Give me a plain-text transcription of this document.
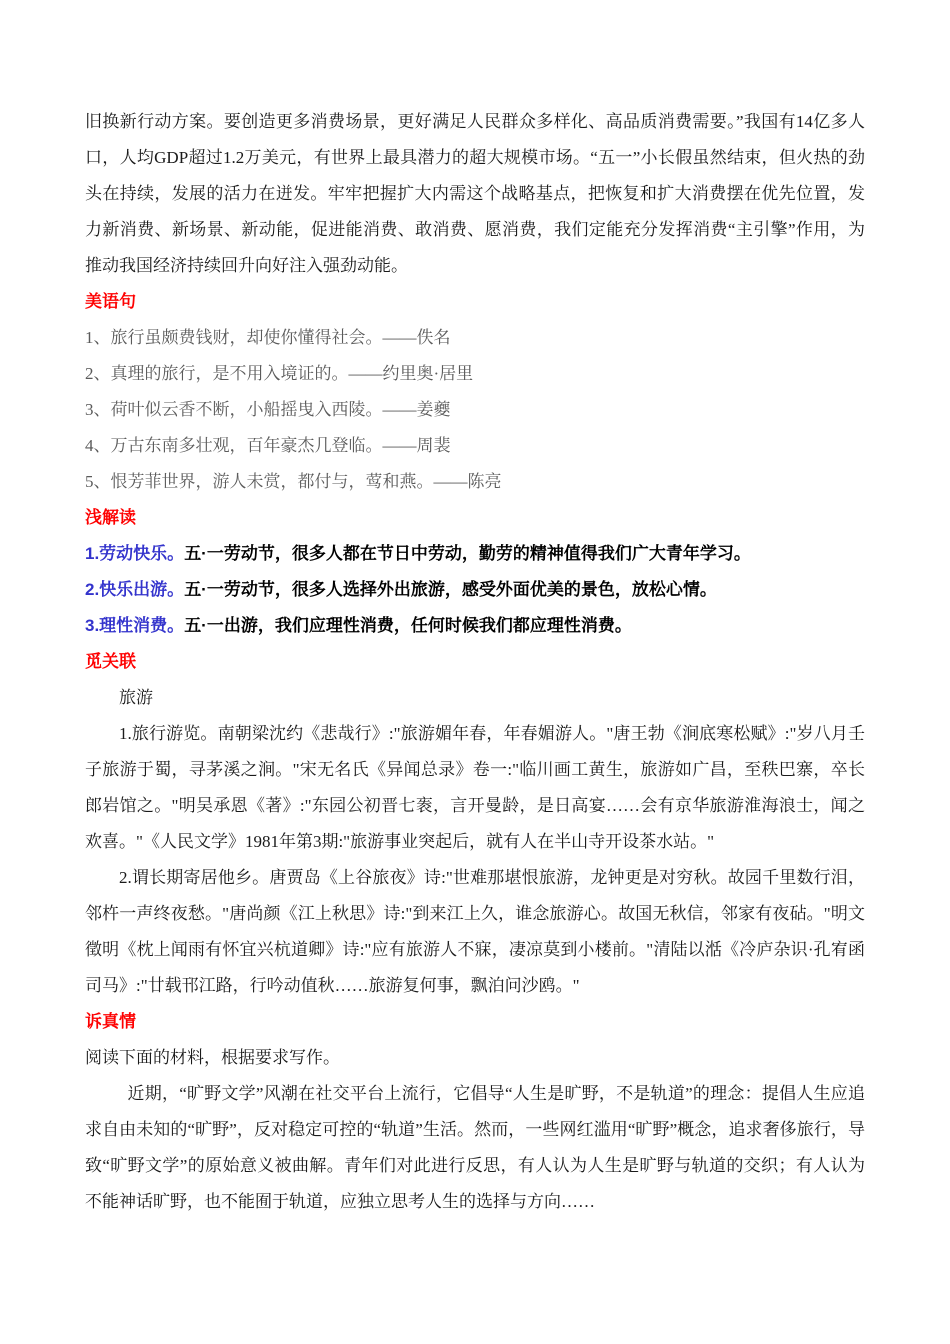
旧换新行动方案。要创造更多消费场景，更好满足人民群众多样化、高品质消费需要。”我国有14亿多人口，人均GDP超过1.2万美元，有世界上最具潜力的超大规模市场。“五一”小长假虽然结束，但火热的劲头在持续，发展的活力在迸发。牢牢把握扩大内需这个战略基点，把恢复和扩大消费摆在优先位置，发力新消费、新场景、新动能，促进能消费、敢消费、愿消费，我们定能充分发挥消费“主引擎”作用，为推动我国经济持续回升向好注入强劲动能。

美语句

1、旅行虽颇费钱财，却使你懂得社会。——佚名

2、真理的旅行，是不用入境证的。——约里奥·居里

3、荷叶似云香不断，小船摇曳入西陵。——姜夔

4、万古东南多壮观，百年豪杰几登临。——周裴

5、恨芳菲世界，游人未赏，都付与，莺和燕。——陈亮

浅解读

1.劳动快乐。五·一劳动节，很多人都在节日中劳动，勤劳的精神值得我们广大青年学习。

2.快乐出游。五·一劳动节，很多人选择外出旅游，感受外面优美的景色，放松心情。

3.理性消费。五·一出游，我们应理性消费，任何时候我们都应理性消费。

觅关联

旅游

1.旅行游览。南朝梁沈约《悲哉行》:"旅游媚年春，年春媚游人。"唐王勃《涧底寒松赋》:"岁八月壬子旅游于蜀，寻茅溪之涧。"宋无名氏《异闻总录》卷一:"临川画工黄生，旅游如广昌，至秩巴寨，卒长郎岩馆之。"明吴承恩《著》:"东园公初晋七袠，言开曼龄，是日高宴……会有京华旅游淮海浪士，闻之欢喜。"《人民文学》1981年第3期:"旅游事业突起后，就有人在半山寺开设茶水站。"

2.谓长期寄居他乡。唐贾岛《上谷旅夜》诗:"世难那堪恨旅游，龙钟更是对穷秋。故园千里数行泪，邻杵一声终夜愁。"唐尚颜《江上秋思》诗:"到来江上久，谁念旅游心。故国无秋信，邻家有夜砧。"明文徵明《枕上闻雨有怀宜兴杭道卿》诗:"应有旅游人不寐，凄凉莫到小楼前。"清陆以湉《冷庐杂识·孔宥函司马》:"廿载邗江路，行吟动值秋……旅游复何事，飘泊问沙鸥。"

诉真情

阅读下面的材料，根据要求写作。

近期，“旷野文学”风潮在社交平台上流行，它倡导“人生是旷野，不是轨道”的理念：提倡人生应追求自由未知的“旷野”，反对稳定可控的“轨道”生活。然而，一些网红滥用“旷野”概念，追求奢侈旅行，导致“旷野文学”的原始意义被曲解。青年们对此进行反思，有人认为人生是旷野与轨道的交织；有人认为不能神话旷野，也不能囿于轨道，应独立思考人生的选择与方向……
